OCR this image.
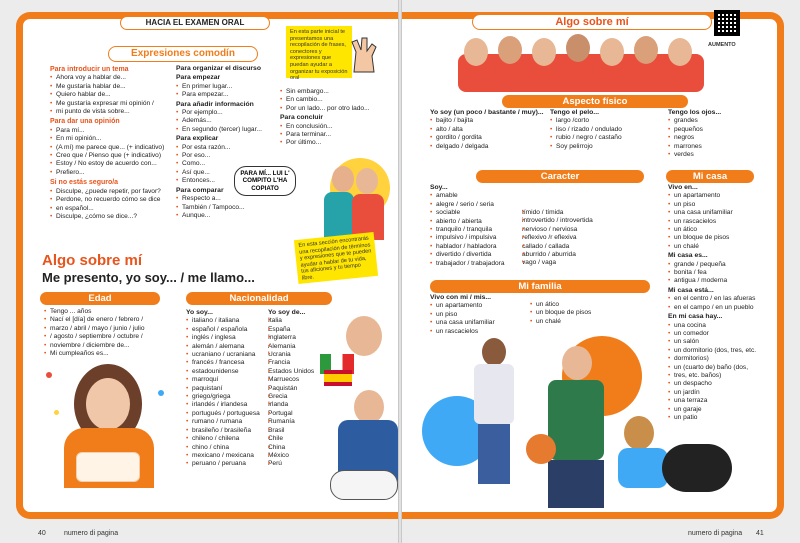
HACIA EL EXAMEN ORAL
Expresiones comodín
En esta parte inicial te presentamos una recopilación de frases, conectores y expresiones que puedan ayudar a organizar tu exposición oral
Para introducir un tema
• Ahora voy a hablar de...
• Me gustaría hablar de...
• Quiero hablar de...
• Me gustaría expresar mi opinión /
• mi punto de vista sobre...
Para dar una opinión
• Para mí...
• En mi opinión...
• (A mí) me parece que... (+ indicativo)
• Creo que / Pienso que (+ indicativo)
• Estoy / No estoy de acuerdo con...
• Prefiero...
Si no estás seguro/a
• Disculpe, ¿puede repetir, por favor?
• Perdone, no recuerdo cómo se dice
• en español...
• Disculpe, ¿cómo se dice...?
Para organizar el discurso
Para empezar
• En primer lugar...
• Para empezar...
Para añadir información
• Por ejemplo...
• Además...
• En segundo (tercer) lugar...
Para explicar
• Por esta razón...
• Por eso...
• Como...
• Así que...
• Entonces...
Para comparar
• Respecto a...
• También / Tampoco...
• Aunque...
• Sin embargo...
• En cambio...
• Por un lado... por otro lado...
Para concluir
• En conclusión...
• Para terminar...
• Por último...
PARA MÍ... LUI L' COMPITO L'HA COPIATO
En esta sección encontrarás una recopilación de términos y expresiones que te pueden ayudar a hablar de tu vida, tus aficiones y tu tiempo libre.
Algo sobre mí
Me presento, yo soy... / me llamo...
Edad
• Tengo ... años
• Nací el [día] de enero / febrero /
• marzo / abril / mayo / junio / julio
• / agosto / septiembre / octubre /
• noviembre / diciembre de...
• Mi cumpleaños es...
Nacionalidad
Yo soy...
• italiano / italiana
• español / española
• inglés / inglesa
• alemán / alemana
• ucraniano / ucraniana
• francés / francesa
• estadounidense
• marroquí
• paquistaní
• griego/griega
• irlandés / irlandesa
• portugués / portuguesa
• rumano / rumana
• brasileño / brasileña
• chileno / chilena
• chino / china
• mexicano / mexicana
• peruano / peruana
Yo soy de...
• Italia
• España
• Inglaterra
• Alemania
• Ucrania
• Francia
• Estados Unidos
• Marruecos
• Paquistán
• Grecia
• Irlanda
• Portugal
• Rumanía
• Brasil
• Chile
• China
• México
• Perú
40	numero di pagina
Algo sobre mí
AUMENTO
Aspecto físico
Yo soy (un poco / bastante / muy)...
• bajito / bajita
• alto / alta
• gordito / gordita
• delgado / delgada
Tengo el pelo...
• largo /corto
• liso / rizado / ondulado
• rubio / negro / castaño
• Soy pelirrojo
Tengo los ojos...
• grandes
• pequeños
• negros
• marrones
• verdes
Caracter
Soy...
• amable
• alegre / serio / seria
• sociable
• abierto / abierta
• tranquilo / tranquila
• impulsivo / impulsiva
• hablador / habladora
• divertido / divertida
• trabajador / trabajadora
• tímido / tímida
• introvertido / introvertida
• nervioso / nerviosa
• reflexivo /r eflexiva
• callado / callada
• aburrido / aburrida
• vago / vaga
Mi casa
Vivo en...
• un apartamento
• un piso
• una casa unifamiliar
• un rascacielos
• un ático
• un bloque de pisos
• un chalé
Mi casa es...
• grande / pequeña
• bonita / fea
• antigua / moderna
Mi casa está...
• en el centro / en las afueras
• en el campo / en un pueblo
En mi casa hay...
• una cocina
• un comedor
• un salón
• un dormitorio (dos, tres, etc.
• dormitorios)
• un (cuarto de) baño (dos,
• tres, etc. baños)
• un despacho
• un jardín
• una terraza
• un garaje
• un patio
Mi familia
Vivo con mi / mis...
• un apartamento
• un piso
• una casa unifamiliar
• un rascacielos
• un ático
• un bloque de pisos
• un chalé
numero di pagina 41
